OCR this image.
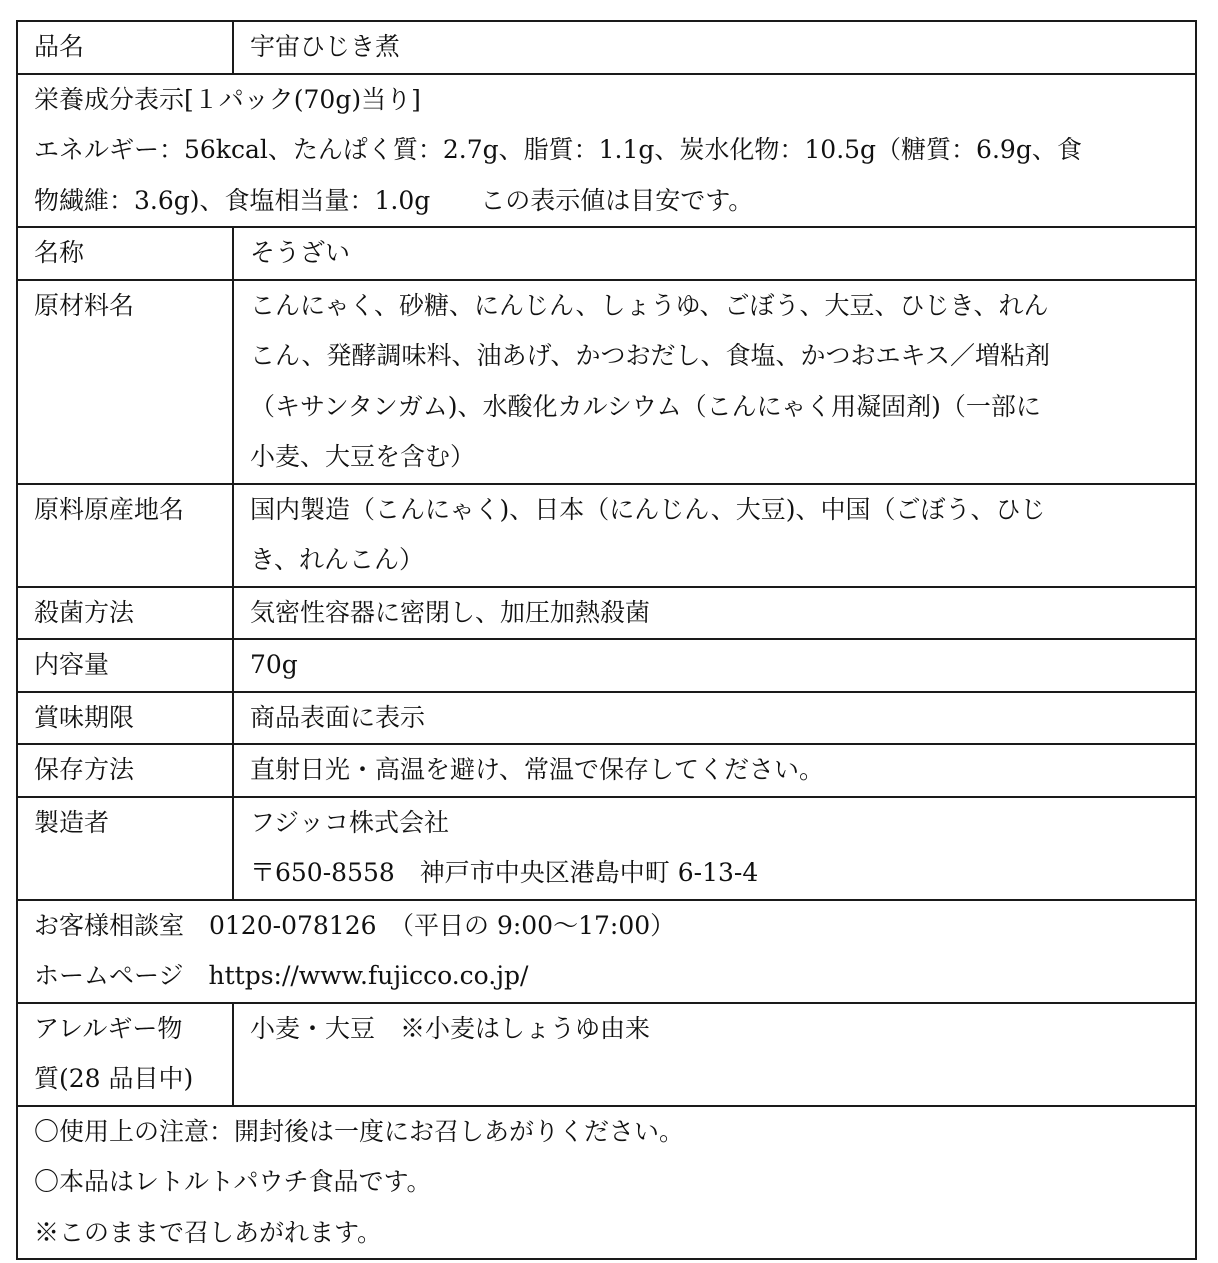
品名	宇宙ひじき煮

栄養成分表示[１パック(70g)当り]
エネルギー：56kcal、たんぱく質：2.7g、脂質：1.1g、炭水化物：10.5g（糖質：6.9g、食
物繊維：3.6g)、食塩相当量：1.0g　　この表示値は目安です。	

名称	そうざい
原材料名	こんにゃく、砂糖、にんじん、しょうゆ、ごぼう、大豆、ひじき、れん
こん、発酵調味料、油あげ、かつおだし、食塩、かつおエキス／増粘剤
（キサンタンガム)、水酸化カルシウム（こんにゃく用凝固剤)（一部に
小麦、大豆を含む）

原料原産地名	国内製造（こんにゃく)、日本（にんじん、大豆)、中国（ごぼう、ひじ
き、れんこん）

殺菌方法	気密性容器に密閉し、加圧加熱殺菌
内容量	70g
賞味期限	商品表面に表示
保存方法	直射日光・高温を避け、常温で保存してください。
製造者	フジッコ株式会社
〒650-8558　神戸市中央区港島中町 6-13-4

お客様相談室　0120-078126　（平日の 9:00～17:00）
ホームページ　https://www.fujicco.co.jp/	

アレルギー物
質(28 品目中)	小麦・大豆　※小麦はしょうゆ由来

〇使用上の注意：開封後は一度にお召しあがりください。
〇本品はレトルトパウチ食品です。
※このままで召しあがれます。	
